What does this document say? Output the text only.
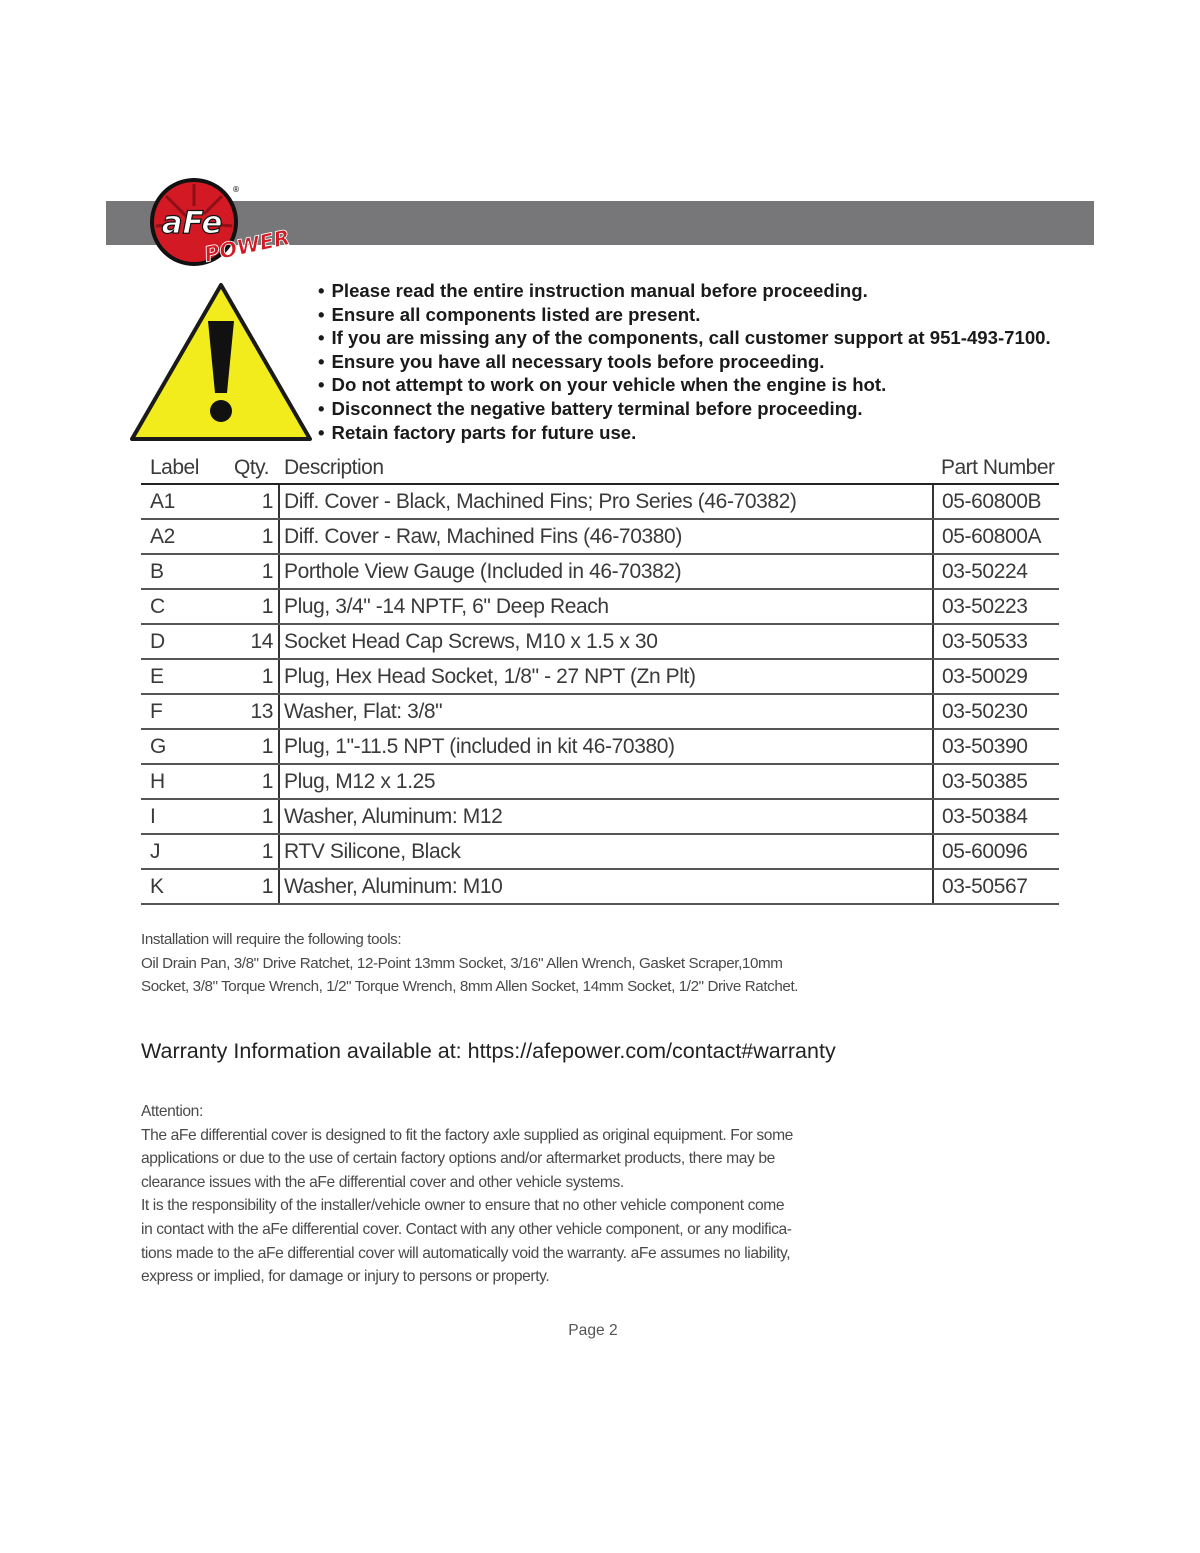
aFe
POWER
®
• Please read the entire instruction manual before proceeding.
• Ensure all components listed are present.
• If you are missing any of the components, call customer support at 951-493-7100.
• Ensure you have all necessary tools before proceeding.
• Do not attempt to work on your vehicle when the engine is hot.
• Disconnect the negative battery terminal before proceeding.
• Retain factory parts for future use.
Label	Qty.	Description	Part Number
A1	1	Diff. Cover - Black, Machined Fins; Pro Series (46-70382)	05-60800B
A2	1	Diff. Cover - Raw, Machined Fins (46-70380)	05-60800A
B	1	Porthole View Gauge (Included in 46-70382)	03-50224
C	1	Plug, 3/4" -14 NPTF, 6" Deep Reach	03-50223
D	14	Socket Head Cap Screws, M10 x 1.5 x 30	03-50533
E	1	Plug, Hex Head Socket, 1/8" - 27 NPT (Zn Plt)	03-50029
F	13	Washer, Flat: 3/8"	03-50230
G	1	Plug, 1"-11.5 NPT (included in kit 46-70380)	03-50390
H	1	Plug, M12 x 1.25	03-50385
I	1	Washer, Aluminum: M12	03-50384
J	1	RTV Silicone, Black	05-60096
K	1	Washer, Aluminum: M10	03-50567
Installation will require the following tools:
Oil Drain Pan, 3/8" Drive Ratchet, 12-Point 13mm Socket, 3/16" Allen Wrench, Gasket Scraper,10mm
Socket, 3/8" Torque Wrench, 1/2" Torque Wrench, 8mm Allen Socket, 14mm Socket, 1/2" Drive Ratchet.
Warranty Information available at: https://afepower.com/contact#warranty

Attention:

The aFe differential cover is designed to fit the factory axle supplied as original equipment. For some

applications or due to the use of certain factory options and/or aftermarket products, there may be

clearance issues with the aFe differential cover and other vehicle systems.

It is the responsibility of the installer/vehicle owner to ensure that no other vehicle component come

in contact with the aFe differential cover. Contact with any other vehicle component, or any modifica-

tions made to the aFe differential cover will automatically void the warranty. aFe assumes no liability,

express or implied, for damage or injury to persons or property.

Page 2
